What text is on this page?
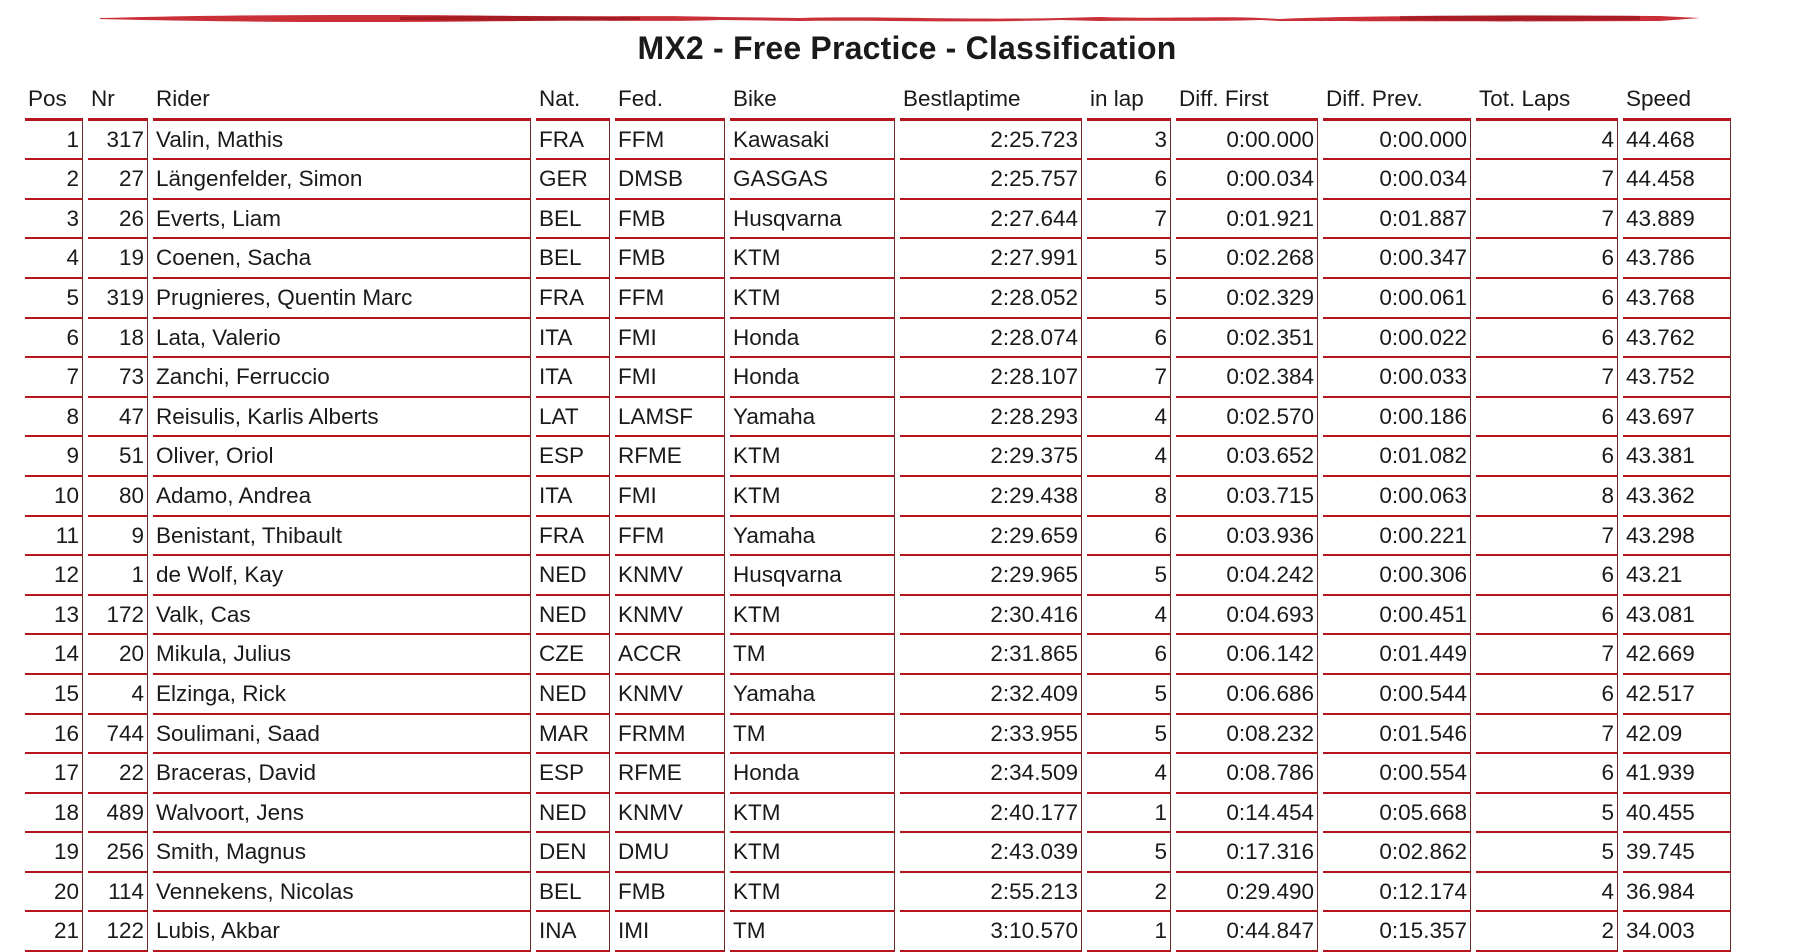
MX2 - Free Practice - Classification
Pos	Nr	Rider	Nat.	Fed.	Bike	Bestlaptime	in lap	Diff. First	Diff. Prev.	Tot. Laps	Speed
1	317	Valin, Mathis	FRA	FFM	Kawasaki	2:25.723	3	0:00.000	0:00.000	4	44.468
2	27	Längenfelder, Simon	GER	DMSB	GASGAS	2:25.757	6	0:00.034	0:00.034	7	44.458
3	26	Everts, Liam	BEL	FMB	Husqvarna	2:27.644	7	0:01.921	0:01.887	7	43.889
4	19	Coenen, Sacha	BEL	FMB	KTM	2:27.991	5	0:02.268	0:00.347	6	43.786
5	319	Prugnieres, Quentin Marc	FRA	FFM	KTM	2:28.052	5	0:02.329	0:00.061	6	43.768
6	18	Lata, Valerio	ITA	FMI	Honda	2:28.074	6	0:02.351	0:00.022	6	43.762
7	73	Zanchi, Ferruccio	ITA	FMI	Honda	2:28.107	7	0:02.384	0:00.033	7	43.752
8	47	Reisulis, Karlis Alberts	LAT	LAMSF	Yamaha	2:28.293	4	0:02.570	0:00.186	6	43.697
9	51	Oliver, Oriol	ESP	RFME	KTM	2:29.375	4	0:03.652	0:01.082	6	43.381
10	80	Adamo, Andrea	ITA	FMI	KTM	2:29.438	8	0:03.715	0:00.063	8	43.362
11	9	Benistant, Thibault	FRA	FFM	Yamaha	2:29.659	6	0:03.936	0:00.221	7	43.298
12	1	de Wolf, Kay	NED	KNMV	Husqvarna	2:29.965	5	0:04.242	0:00.306	6	43.21
13	172	Valk, Cas	NED	KNMV	KTM	2:30.416	4	0:04.693	0:00.451	6	43.081
14	20	Mikula, Julius	CZE	ACCR	TM	2:31.865	6	0:06.142	0:01.449	7	42.669
15	4	Elzinga, Rick	NED	KNMV	Yamaha	2:32.409	5	0:06.686	0:00.544	6	42.517
16	744	Soulimani, Saad	MAR	FRMM	TM	2:33.955	5	0:08.232	0:01.546	7	42.09
17	22	Braceras, David	ESP	RFME	Honda	2:34.509	4	0:08.786	0:00.554	6	41.939
18	489	Walvoort, Jens	NED	KNMV	KTM	2:40.177	1	0:14.454	0:05.668	5	40.455
19	256	Smith, Magnus	DEN	DMU	KTM	2:43.039	5	0:17.316	0:02.862	5	39.745
20	114	Vennekens, Nicolas	BEL	FMB	KTM	2:55.213	2	0:29.490	0:12.174	4	36.984
21	122	Lubis, Akbar	INA	IMI	TM	3:10.570	1	0:44.847	0:15.357	2	34.003
